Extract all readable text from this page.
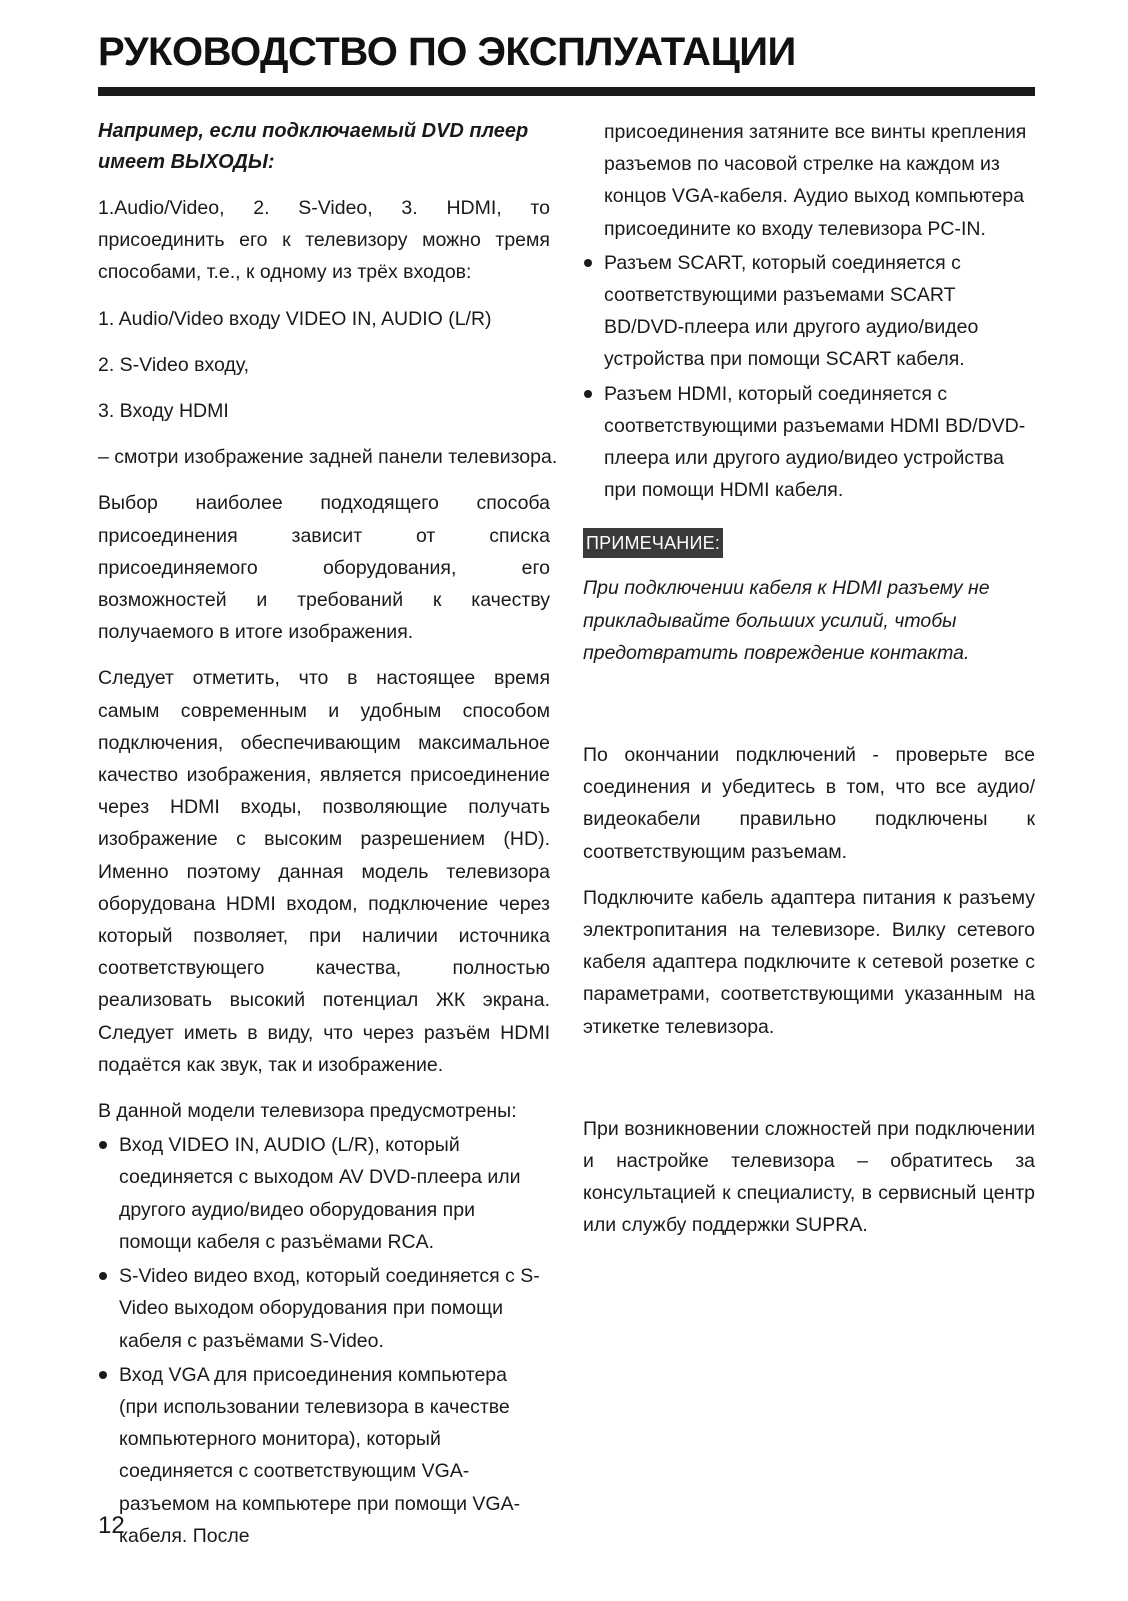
РУКОВОДСТВО ПО ЭКСПЛУАТАЦИИ

Например, если подключаемый DVD плеер имеет ВЫХОДЫ:

1.Audio/Video, 2. S-Video, 3. HDMI, то присоединить его к телевизору можно тремя способами, т.е., к одному из трёх входов:

1. Audio/Video входу VIDEO IN, AUDIO (L/R)

2. S-Video входу,

3. Входу HDMI

– смотри изображение задней панели телевизора.

Выбор наиболее подходящего способа присоединения зависит от списка присоединяемого оборудования, его возможностей и требований к качеству получаемого в итоге изображения.

Следует отметить, что в настоящее время самым современным и удобным способом подключения, обеспечивающим максимальное качество изображения, является присоединение через HDMI входы, позволяющие получать изображение с высоким разрешением (HD). Именно поэтому данная модель телевизора оборудована HDMI входом, подключение через который позволяет, при наличии источника соответствующего качества, полностью реализовать высокий потенциал ЖК экрана. Следует иметь в виду, что через разъём HDMI подаётся как звук, так и изображение.

В данной модели телевизора предусмотрены:

Вход VIDEO IN, AUDIO (L/R), который соединяется с выходом AV DVD-плеера или другого аудио/видео оборудования при помощи кабеля с разъёмами RCA.
S-Video видео вход, который соединяется с S-Video выходом оборудования при помощи кабеля с разъёмами S-Video.
Вход VGA для присоединения компьютера (при использовании телевизора в качестве компьютерного монитора), который соединяется с соответствующим VGA-разъемом на компьютере при помощи VGA-кабеля. После

присоединения затяните все винты крепления разъемов по часовой стрелке на каждом из концов VGA-кабеля. Аудио выход компьютера присоедините ко входу телевизора PC-IN.

Разъем SCART, который соединяется с соответствующими разъемами SCART BD/DVD-плеера или другого аудио/видео устройства при помощи SCART кабеля.
Разъем HDMI, который соединяется с соответствующими разъемами HDMI BD/DVD-плеера или другого аудио/видео устройства при помощи HDMI кабеля.
ПРИМЕЧАНИЕ:

При подключении кабеля к HDMI разъему не прикладывайте больших усилий, чтобы предотвратить повреждение контакта.

По окончании подключений - проверьте все соединения и убедитесь в том, что все аудио/видеокабели правильно подключены к соответствующим разъемам.

Подключите кабель адаптера питания к разъему электропитания на телевизоре. Вилку сетевого кабеля адаптера подключите к сетевой розетке с параметрами, соответствующими указанным на этикетке телевизора.

При возникновении сложностей при подключении и настройке телевизора – обратитесь за консультацией к специалисту, в сервисный центр или службу поддержки SUPRA.

12
